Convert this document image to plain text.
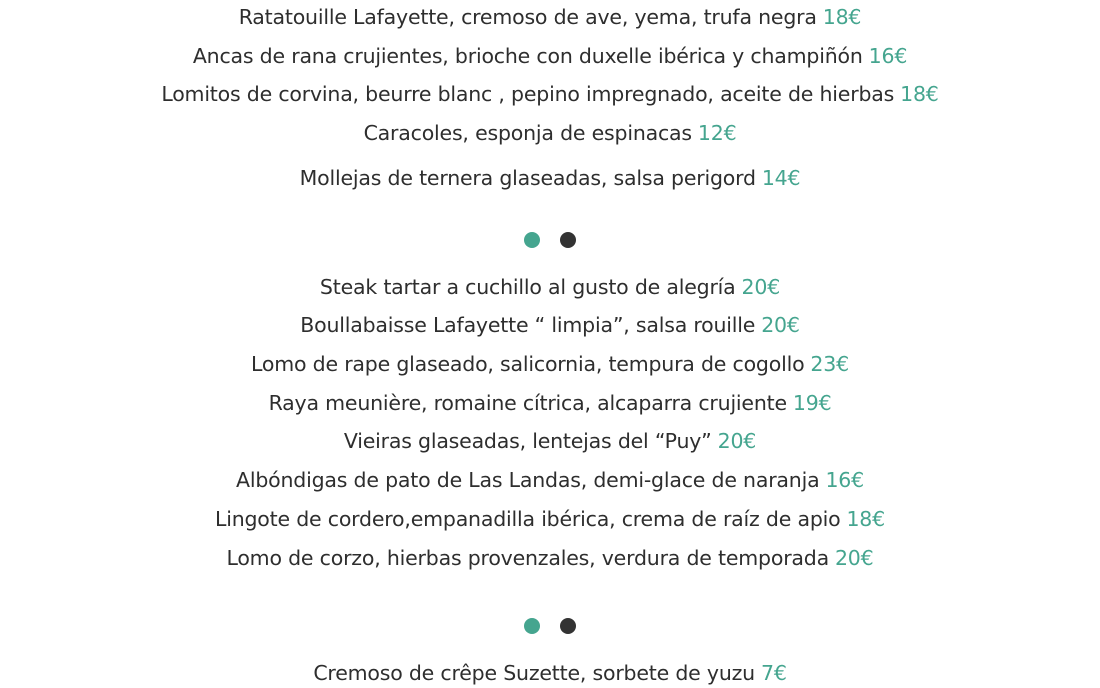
Ratatouille Lafayette, cremoso de ave, yema, trufa negra 18€
Ancas de rana crujientes, brioche con duxelle ibérica y champiñón 16€
Lomitos de corvina, beurre blanc , pepino impregnado, aceite de hierbas 18€
Caracoles, esponja de espinacas 12€
Mollejas de ternera glaseadas, salsa perigord 14€
Steak tartar a cuchillo al gusto de alegría 20€
Boullabaisse Lafayette “ limpia”, salsa rouille 20€
Lomo de rape glaseado, salicornia, tempura de cogollo 23€
Raya meunière, romaine cítrica, alcaparra crujiente 19€
Vieiras glaseadas, lentejas del “Puy” 20€
Albóndigas de pato de Las Landas, demi-glace de naranja 16€
Lingote de cordero,empanadilla ibérica, crema de raíz de apio 18€
Lomo de corzo, hierbas provenzales, verdura de temporada 20€
Cremoso de crêpe Suzette, sorbete de yuzu 7€
